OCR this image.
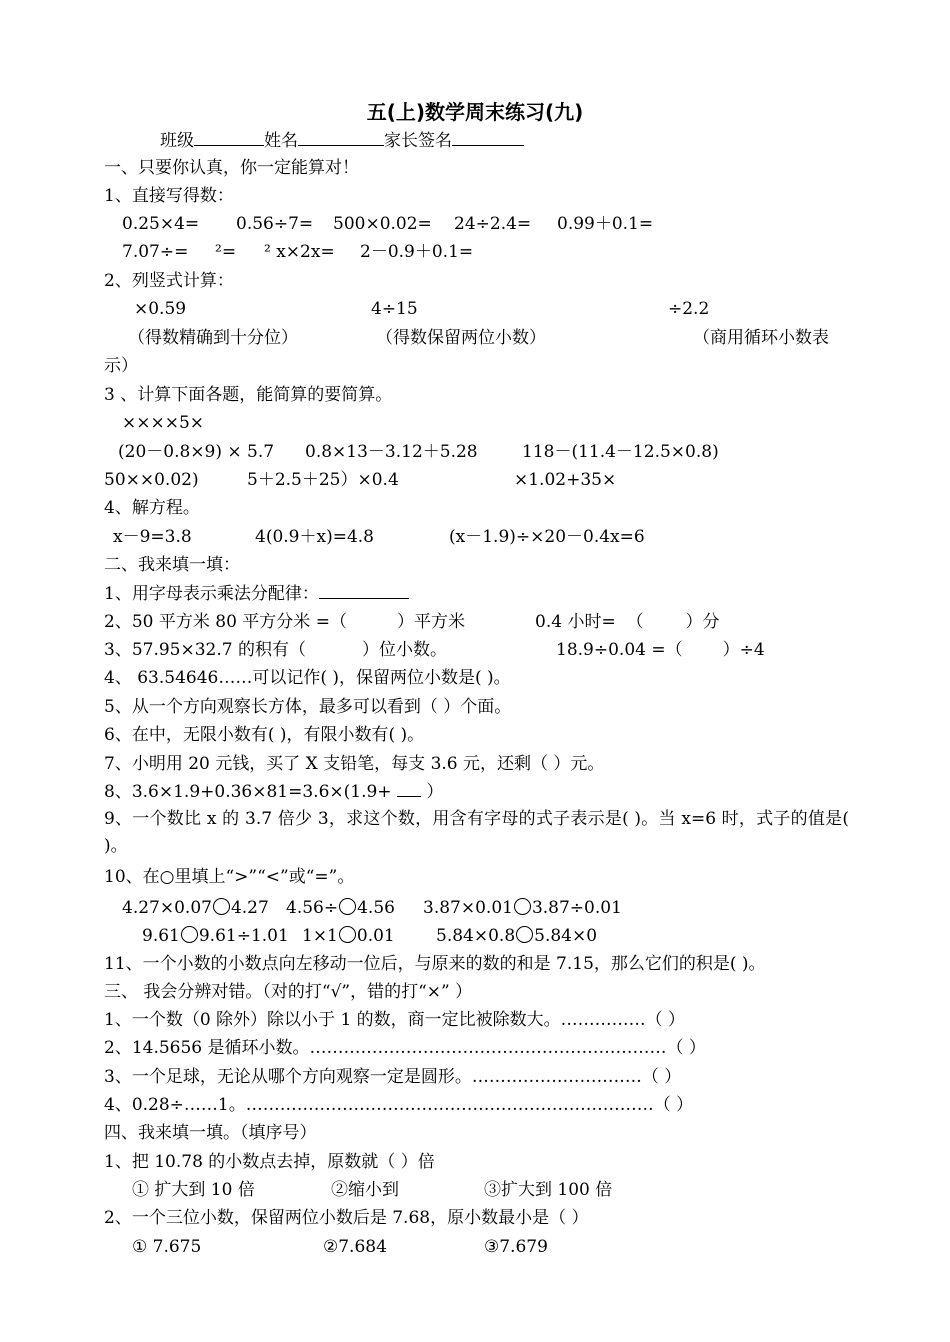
五(上)数学周末练习(九)
班级	姓名	家长签名
一、只要你认真，你一定能算对！
1、直接写得数：
0.25×4= 0.56÷7= 500×0.02= 24÷2.4= 0.99＋0.1=
7.07÷= ²= ² x×2x= 2－0.9＋0.1=
2、列竖式计算：
×0.59	4÷15	÷2.2
（得数精确到十分位）	（得数保留两位小数）	（商用循环小数表
示）
3 、计算下面各题，能简算的要简算。
××××5×
(20－0.8×9) × 5.7 0.8×13－3.12＋5.28	118－(11.4－12.5×0.8)
50××0.02)	5＋2.5＋25）×0.4	×1.02+35×
4、解方程。
x－9=3.8	4(0.9＋x)=4.8	(x－1.9)÷×20－0.4x=6
二、我来填一填：
1、用字母表示乘法分配律：
2、50 平方米 80 平方分米 =（	）平方米	0.4 小时= （ ）分
3、57.95×32.7 的积有（	）位小数。	18.9÷0.04 =（ ）÷4
4、 63.54646……可以记作( )，保留两位小数是( )。
5、从一个方向观察长方体，最多可以看到（ ）个面。
6、在中，无限小数有( )，有限小数有( )。
7、小明用 20 元钱，买了 X 支铅笔，每支 3.6 元，还剩（ ）元。
8、3.6×1.9+0.36×81=3.6×(1.9+ ）
9、一个数比 x 的 3.7 倍少 3，求这个数，用含有字母的式子表示是( )。当 x=6 时，式子的值是( )。
10、在○里填上“>”“<”或“=”。
4.27×0.07 4.27 4.56÷ 4.56 3.87×0.01 3.87÷0.01
9.61 9.61÷1.01 1×1 0.01 5.84×0.8 5.84×0
11、一个小数的小数点向左移动一位后，与原来的数的和是 7.15，那么它们的积是( )。
三、 我会分辨对错。（对的打“√”，错的打“×” ）
1、一个数（0 除外）除以小于 1 的数，商一定比被除数大。……………（ ）
2、14.5656 是循环小数。………………………………………………………（ ）
3、一个足球，无论从哪个方向观察一定是圆形。…………………………（ ）
4、0.28÷……1。………………………………………………………………（ ）
四、我来填一填。（填序号）
1、把 10.78 的小数点去掉，原数就（ ）倍
① 扩大到 10 倍	②缩小到	③扩大到 100 倍
2、一个三位小数，保留两位小数后是 7.68，原小数最小是（ ）
① 7.675	②7.684	③7.679
